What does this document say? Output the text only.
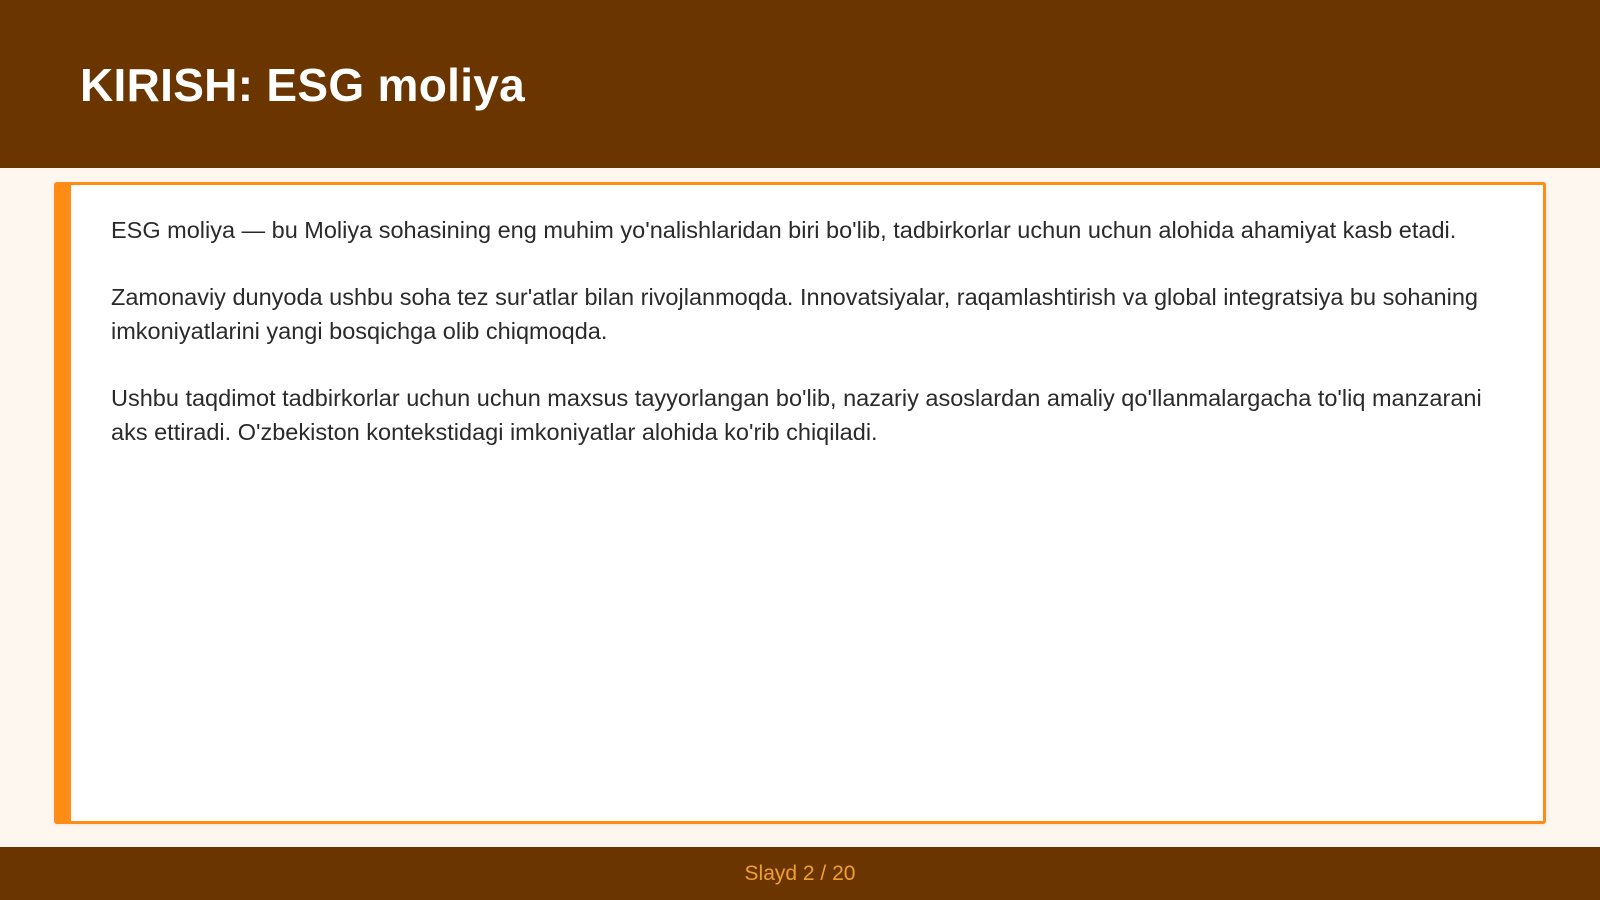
KIRISH: ESG moliya

ESG moliya — bu Moliya sohasining eng muhim yo'nalishlaridan biri bo'lib, tadbirkorlar uchun uchun alohida ahamiyat kasb etadi.

Zamonaviy dunyoda ushbu soha tez sur'atlar bilan rivojlanmoqda. Innovatsiyalar, raqamlashtirish va global integratsiya bu sohaning imkoniyatlarini yangi bosqichga olib chiqmoqda.

Ushbu taqdimot tadbirkorlar uchun uchun maxsus tayyorlangan bo'lib, nazariy asoslardan amaliy qo'llanmalargacha to'liq manzarani aks ettiradi. O'zbekiston kontekstidagi imkoniyatlar alohida ko'rib chiqiladi.

Slayd 2 / 20
